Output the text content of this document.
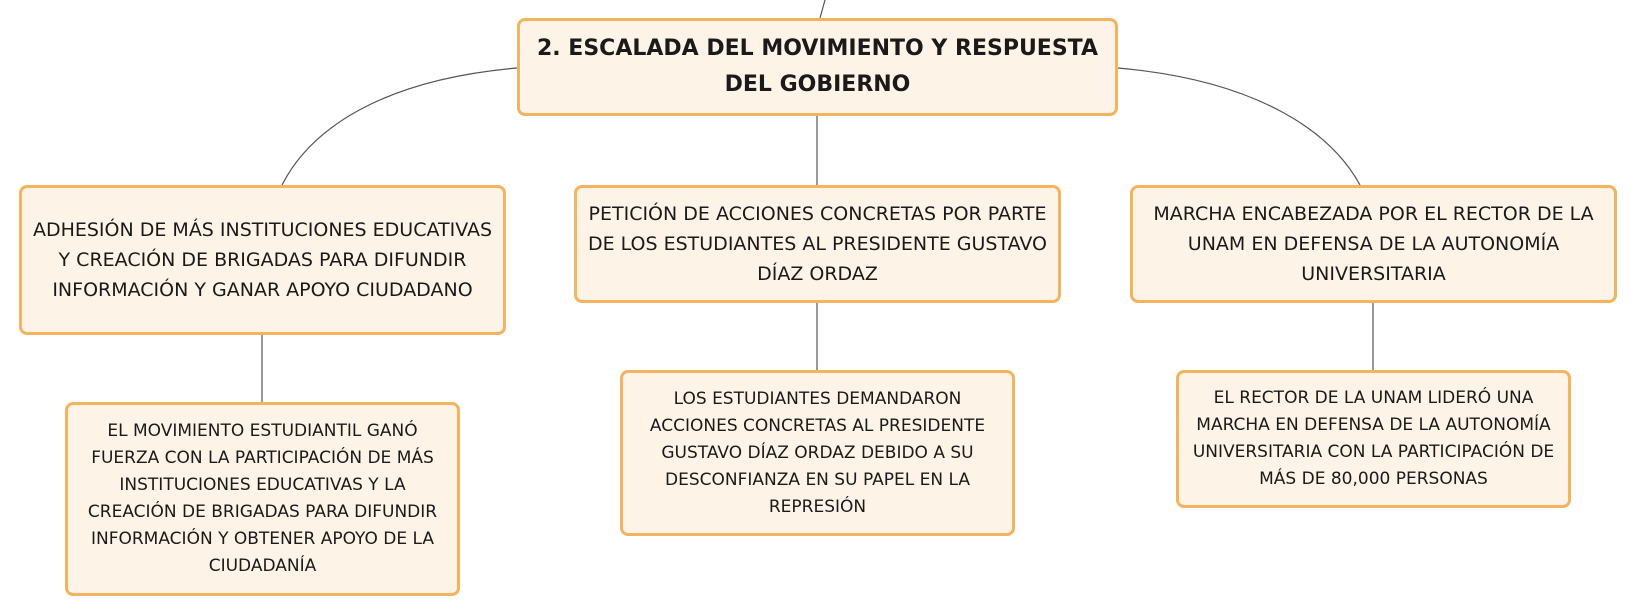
2. ESCALADA DEL MOVIMIENTO Y RESPUESTA DEL GOBIERNO
ADHESIÓN DE MÁS INSTITUCIONES EDUCATIVAS Y CREACIÓN DE BRIGADAS PARA DIFUNDIR INFORMACIÓN Y GANAR APOYO CIUDADANO
PETICIÓN DE ACCIONES CONCRETAS POR PARTE DE LOS ESTUDIANTES AL PRESIDENTE GUSTAVO DÍAZ ORDAZ
MARCHA ENCABEZADA POR EL RECTOR DE LA UNAM EN DEFENSA DE LA AUTONOMÍA UNIVERSITARIA
EL MOVIMIENTO ESTUDIANTIL GANÓ FUERZA CON LA PARTICIPACIÓN DE MÁS INSTITUCIONES EDUCATIVAS Y LA CREACIÓN DE BRIGADAS PARA DIFUNDIR INFORMACIÓN Y OBTENER APOYO DE LA CIUDADANÍA
LOS ESTUDIANTES DEMANDARON ACCIONES CONCRETAS AL PRESIDENTE GUSTAVO DÍAZ ORDAZ DEBIDO A SU DESCONFIANZA EN SU PAPEL EN LA REPRESIÓN
EL RECTOR DE LA UNAM LIDERÓ UNA MARCHA EN DEFENSA DE LA AUTONOMÍA UNIVERSITARIA CON LA PARTICIPACIÓN DE MÁS DE 80,000 PERSONAS
